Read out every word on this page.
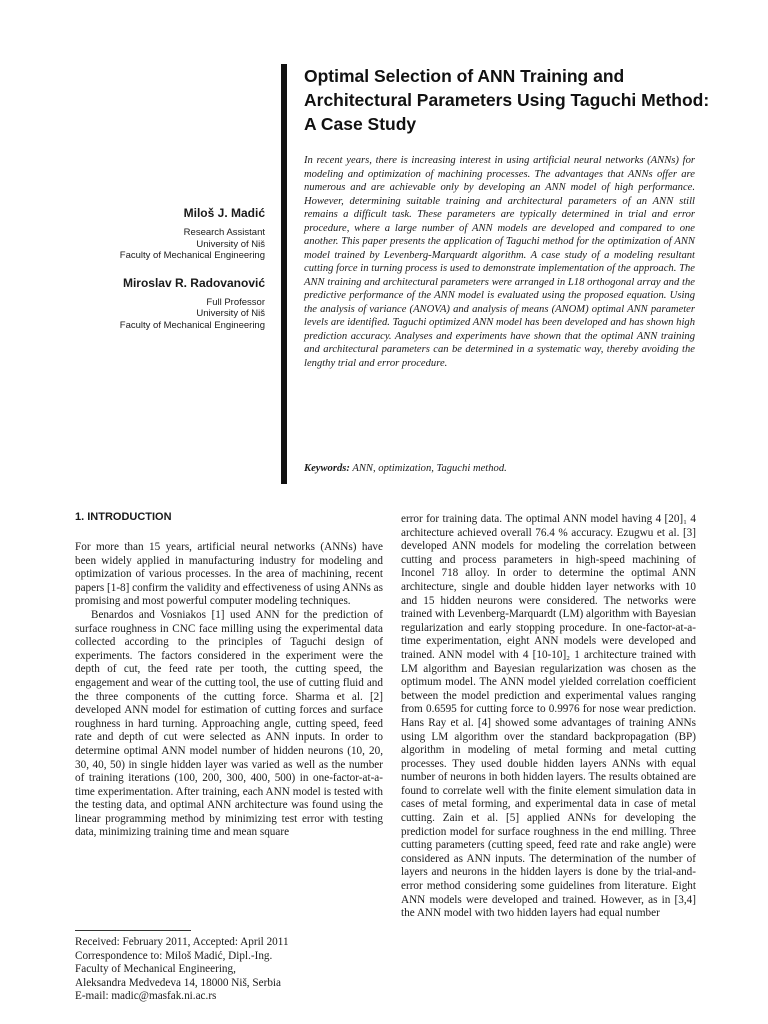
Optimal Selection of ANN Training and Architectural Parameters Using Taguchi Method: A Case Study
Miloš J. Madić
Research Assistant
University of Niš
Faculty of Mechanical Engineering
Miroslav R. Radovanović
Full Professor
University of Niš
Faculty of Mechanical Engineering
In recent years, there is increasing interest in using artificial neural networks (ANNs) for modeling and optimization of machining processes. The advantages that ANNs offer are numerous and are achievable only by developing an ANN model of high performance. However, determining suitable training and architectural parameters of an ANN still remains a difficult task. These parameters are typically determined in trial and error procedure, where a large number of ANN models are developed and compared to one another. This paper presents the application of Taguchi method for the optimization of ANN model trained by Levenberg-Marquardt algorithm. A case study of a modeling resultant cutting force in turning process is used to demonstrate implementation of the approach. The ANN training and architectural parameters were arranged in L18 orthogonal array and the predictive performance of the ANN model is evaluated using the proposed equation. Using the analysis of variance (ANOVA) and analysis of means (ANOM) optimal ANN parameter levels are identified. Taguchi optimized ANN model has been developed and has shown high prediction accuracy. Analyses and experiments have shown that the optimal ANN training and architectural parameters can be determined in a systematic way, thereby avoiding the lengthy trial and error procedure.
Keywords: ANN, optimization, Taguchi method.
1. INTRODUCTION

For more than 15 years, artificial neural networks (ANNs) have been widely applied in manufacturing industry for modeling and optimization of various processes. In the area of machining, recent papers [1-8] confirm the validity and effectiveness of using ANNs as promising and most powerful computer modeling techniques.

Benardos and Vosniakos [1] used ANN for the prediction of surface roughness in CNC face milling using the experimental data collected according to the principles of Taguchi design of experiments. The factors considered in the experiment were the depth of cut, the feed rate per tooth, the cutting speed, the engagement and wear of the cutting tool, the use of cutting fluid and the three components of the cutting force. Sharma et al. [2] developed ANN model for estimation of cutting forces and surface roughness in hard turning. Approaching angle, cutting speed, feed rate and depth of cut were selected as ANN inputs. In order to determine optimal ANN model number of hidden neurons (10, 20, 30, 40, 50) in single hidden layer was varied as well as the number of training iterations (100, 200, 300, 400, 500) in one-factor-at-a-time experimentation. After training, each ANN model is tested with the testing data, and optimal ANN architecture was found using the linear programming method by minimizing test error with testing data, minimizing training time and mean square

error for training data. The optimal ANN model having 4 [20]₁ 4 architecture achieved overall 76.4 % accuracy. Ezugwu et al. [3] developed ANN models for modeling the correlation between cutting and process parameters in high-speed machining of Inconel 718 alloy. In order to determine the optimal ANN architecture, single and double hidden layer networks with 10 and 15 hidden neurons were considered. The networks were trained with Levenberg-Marquardt (LM) algorithm with Bayesian regularization and early stopping procedure. In one-factor-at-a-time experimentation, eight ANN models were developed and trained. ANN model with 4 [10-10]₂ 1 architecture trained with LM algorithm and Bayesian regularization was chosen as the optimum model. The ANN model yielded correlation coefficient between the model prediction and experimental values ranging from 0.6595 for cutting force to 0.9976 for nose wear prediction. Hans Ray et al. [4] showed some advantages of training ANNs using LM algorithm over the standard backpropagation (BP) algorithm in modeling of metal forming and metal cutting processes. They used double hidden layers ANNs with equal number of neurons in both hidden layers. The results obtained are found to correlate well with the finite element simulation data in cases of metal forming, and experimental data in case of metal cutting. Zain et al. [5] applied ANNs for developing the prediction model for surface roughness in the end milling. Three cutting parameters (cutting speed, feed rate and rake angle) were considered as ANN inputs. The determination of the number of layers and neurons in the hidden layers is done by the trial-and-error method considering some guidelines from literature. Eight ANN models were developed and trained. However, as in [3,4] the ANN model with two hidden layers had equal number

Received: February 2011, Accepted: April 2011
Correspondence to: Miloš Madić, Dipl.-Ing.
Faculty of Mechanical Engineering,
Aleksandra Medvedeva 14, 18000 Niš, Serbia
E-mail: madic@masfak.ni.ac.rs
